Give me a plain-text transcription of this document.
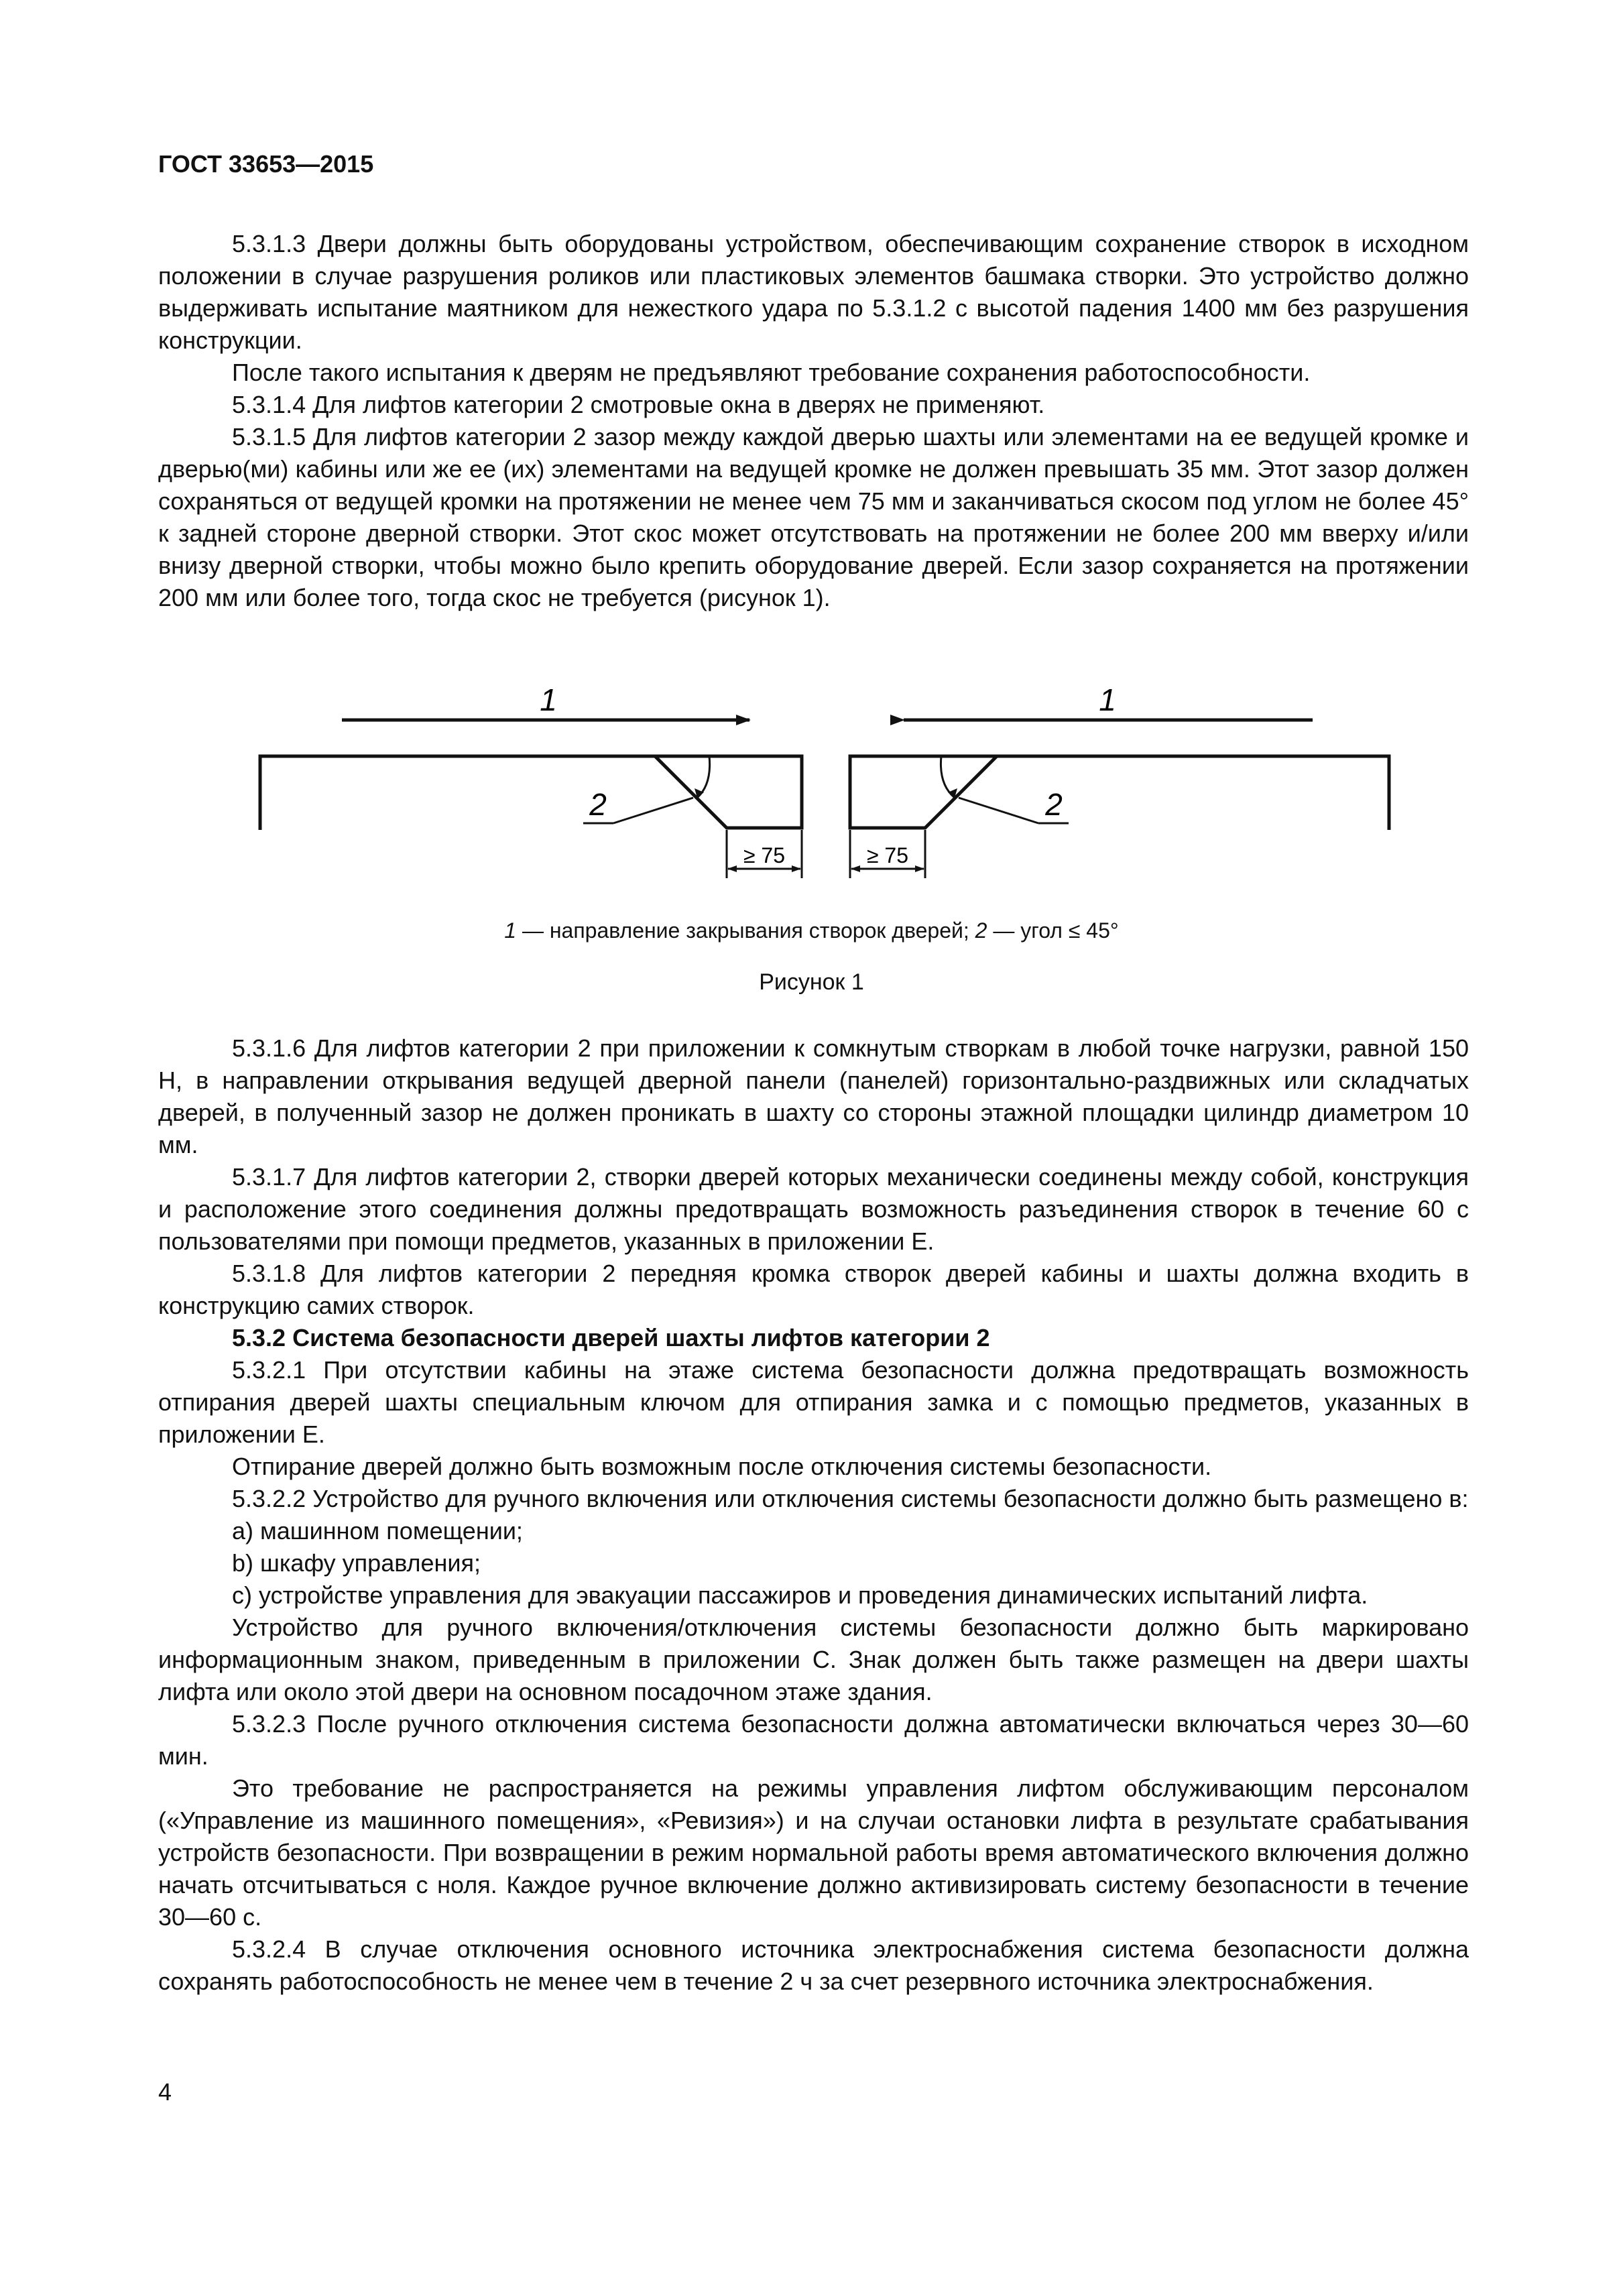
ГОСТ 33653—2015

5.3.1.3 Двери должны быть оборудованы устройством, обеспечивающим сохранение створок в исходном положении в случае разрушения роликов или пластиковых элементов башмака створки. Это устройство должно выдерживать испытание маятником для нежесткого удара по 5.3.1.2 с высотой падения 1400 мм без разрушения конструкции.

После такого испытания к дверям не предъявляют требование сохранения работоспособности.

5.3.1.4 Для лифтов категории 2 смотровые окна в дверях не применяют.

5.3.1.5 Для лифтов категории 2 зазор между каждой дверью шахты или элементами на ее ведущей кромке и дверью(ми) кабины или же ее (их) элементами на ведущей кромке не должен превышать 35 мм. Этот зазор должен сохраняться от ведущей кромки на протяжении не менее чем 75 мм и заканчиваться скосом под углом не более 45° к задней стороне дверной створки. Этот скос может отсутствовать на протяжении не более 200 мм вверху и/или внизу дверной створки, чтобы можно было крепить оборудование дверей. Если зазор сохраняется на протяжении 200 мм или более того, тогда скос не требуется (рисунок 1).

1	1
2
≥ 75
2
≥ 75
1 — направление закрывания створок дверей; 2 — угол ≤ 45°
Рисунок 1

5.3.1.6 Для лифтов категории 2 при приложении к сомкнутым створкам в любой точке нагрузки, равной 150 Н, в направлении открывания ведущей дверной панели (панелей) горизонтально-раздвижных или складчатых дверей, в полученный зазор не должен проникать в шахту со стороны этажной площадки цилиндр диаметром 10 мм.

5.3.1.7 Для лифтов категории 2, створки дверей которых механически соединены между собой, конструкция и расположение этого соединения должны предотвращать возможность разъединения створок в течение 60 с пользователями при помощи предметов, указанных в приложении Е.

5.3.1.8 Для лифтов категории 2 передняя кромка створок дверей кабины и шахты должна входить в конструкцию самих створок.

5.3.2 Система безопасности дверей шахты лифтов категории 2

5.3.2.1 При отсутствии кабины на этаже система безопасности должна предотвращать возможность отпирания дверей шахты специальным ключом для отпирания замка и с помощью предметов, указанных в приложении Е.

Отпирание дверей должно быть возможным после отключения системы безопасности.

5.3.2.2 Устройство для ручного включения или отключения системы безопасности должно быть размещено в:

a) машинном помещении;

b) шкафу управления;

c) устройстве управления для эвакуации пассажиров и проведения динамических испытаний лифта.

Устройство для ручного включения/отключения системы безопасности должно быть маркировано информационным знаком, приведенным в приложении С. Знак должен быть также размещен на двери шахты лифта или около этой двери на основном посадочном этаже здания.

5.3.2.3 После ручного отключения система безопасности должна автоматически включаться через 30—60 мин.

Это требование не распространяется на режимы управления лифтом обслуживающим персоналом («Управление из машинного помещения», «Ревизия») и на случаи остановки лифта в результате срабатывания устройств безопасности. При возвращении в режим нормальной работы время автоматического включения должно начать отсчитываться с ноля. Каждое ручное включение должно активизировать систему безопасности в течение 30—60 с.

5.3.2.4 В случае отключения основного источника электроснабжения система безопасности должна сохранять работоспособность не менее чем в течение 2 ч за счет резервного источника электроснабжения.

4
